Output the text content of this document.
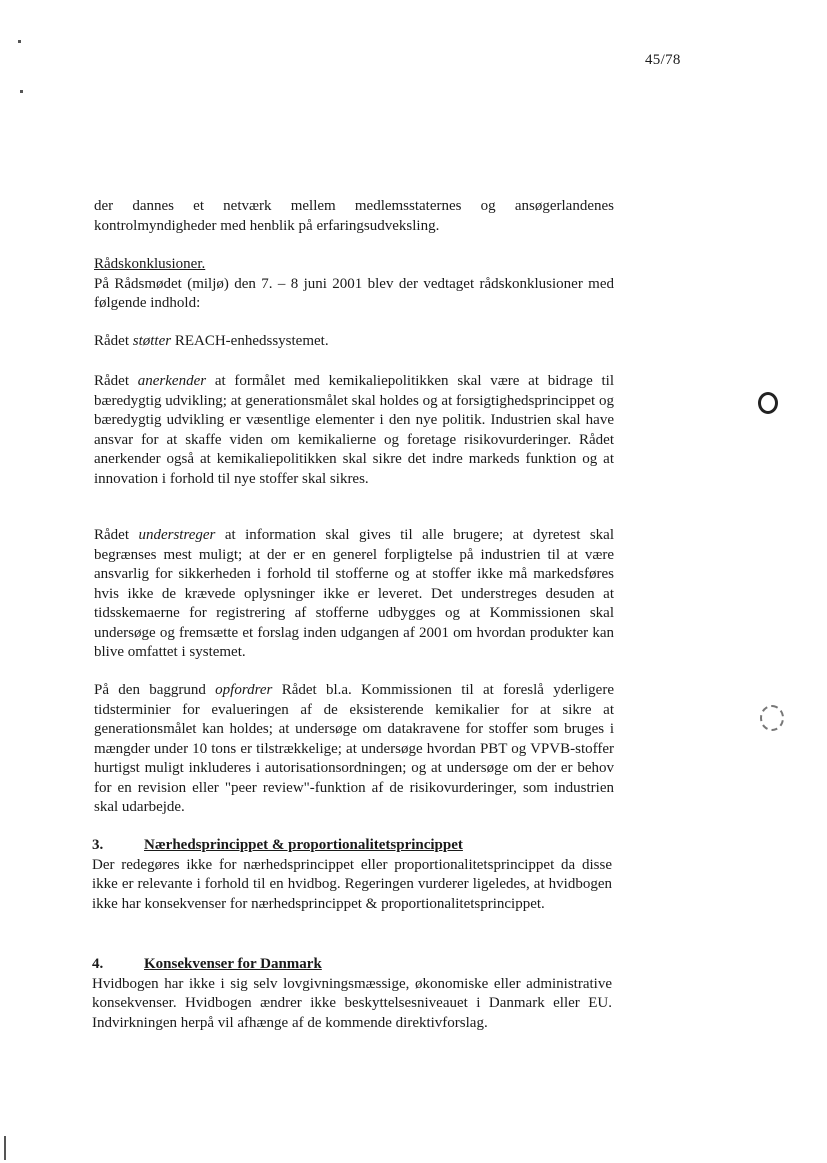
45/78

der dannes et netværk mellem medlemsstaternes og ansøgerlandenes kontrolmyndigheder med henblik på erfaringsudveksling.

Rådskonklusioner.

På Rådsmødet (miljø) den 7. – 8 juni 2001 blev der vedtaget rådskonklusioner med følgende indhold:

Rådet støtter REACH-enhedssystemet.

Rådet anerkender at formålet med kemikaliepolitikken skal være at bidrage til bæredygtig udvikling; at generationsmålet skal holdes og at forsigtighedsprincippet og bæredygtig udvikling er væsentlige elementer i den nye politik. Industrien skal have ansvar for at skaffe viden om kemikalierne og foretage risikovurderinger. Rådet anerkender også at kemikaliepolitikken skal sikre det indre markeds funktion og at innovation i forhold til nye stoffer skal sikres.

Rådet understreger at information skal gives til alle brugere; at dyretest skal begrænses mest muligt; at der er en generel forpligtelse på industrien til at være ansvarlig for sikkerheden i forhold til stofferne og at stoffer ikke må markedsføres hvis ikke de krævede oplysninger ikke er leveret. Det understreges desuden at tidsskemaerne for registrering af stofferne udbygges og at Kommissionen skal undersøge og fremsætte et forslag inden udgangen af 2001 om hvordan produkter kan blive omfattet i systemet.

På den baggrund opfordrer Rådet bl.a. Kommissionen til at foreslå yderligere tidsterminier for evalueringen af de eksisterende kemikalier for at sikre at generationsmålet kan holdes; at undersøge om datakravene for stoffer som bruges i mængder under 10 tons er tilstrækkelige; at undersøge hvordan PBT og VPVB-stoffer hurtigst muligt inkluderes i autorisationsordningen; og at undersøge om der er behov for en revision eller "peer review"-funktion af de risikovurderinger, som industrien skal udarbejde.

3.	Nærhedsprincippet & proportionalitetsprincippet

Der redegøres ikke for nærhedsprincippet eller proportionalitetsprincippet da disse ikke er relevante i forhold til en hvidbog. Regeringen vurderer ligeledes, at hvidbogen ikke har konsekvenser for nærhedsprincippet & proportionalitetsprincippet.

4.	Konsekvenser for Danmark

Hvidbogen har ikke i sig selv lovgivningsmæssige, økonomiske eller administrative konsekvenser. Hvidbogen ændrer ikke beskyttelsesniveauet i Danmark eller EU. Indvirkningen herpå vil afhænge af de kommende direktivforslag.
